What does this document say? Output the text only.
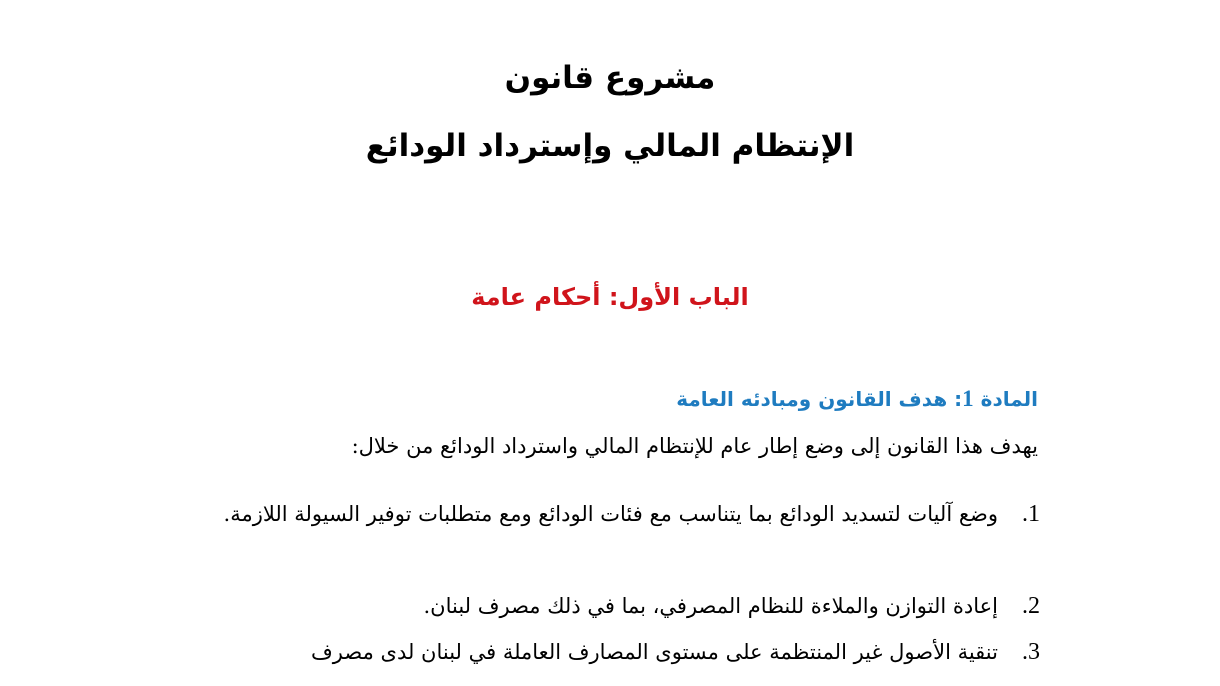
مشروع قانون
الإنتظام المالي وإسترداد الودائع
الباب الأول: أحكام عامة
المادة 1: هدف القانون ومبادئه العامة
يهدف هذا القانون إلى وضع إطار عام للإنتظام المالي واسترداد الودائع من خلال:
.1
وضع آليات لتسديد الودائع بما يتناسب مع فئات الودائع ومع متطلبات توفير السيولة اللازمة.
.2
إعادة التوازن والملاءة للنظام المصرفي، بما في ذلك مصرف لبنان.
.3
تنقية الأصول غير المنتظمة على مستوى المصارف العاملة في لبنان لدى مصرف
